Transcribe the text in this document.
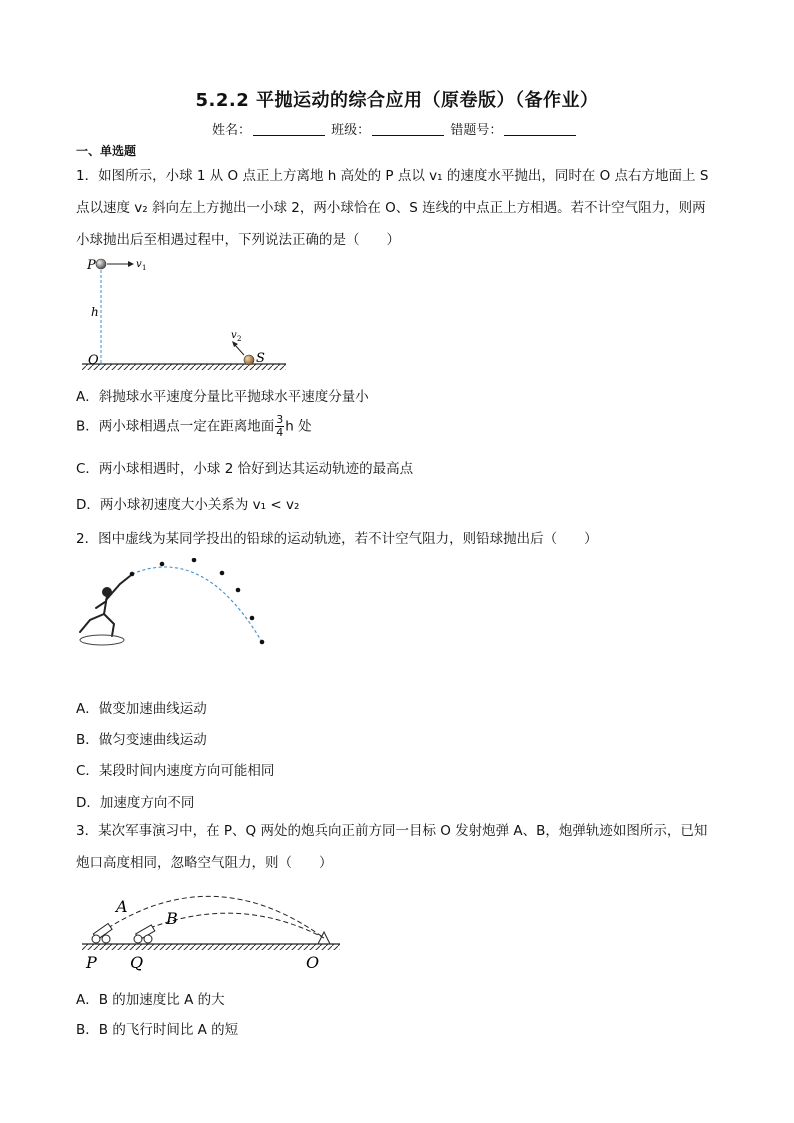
5.2.2 平抛运动的综合应用（原卷版）（备作业）
姓名：	班级：	错题号：
一、单选题

1．如图所示，小球 1 从 O 点正上方离地 h 高处的 P 点以 v₁ 的速度水平抛出，同时在 O 点右方地面上 S 点以速度 v₂ 斜向左上方抛出一小球 2，两小球恰在 O、S 连线的中点正上方相遇。若不计空气阻力，则两小球抛出后至相遇过程中，下列说法正确的是（　　）

P	v 1
h
O
v 2
S
A．斜抛球水平速度分量比平抛球水平速度分量小
B．两小球相遇点一定在距离地面 $\frac{3}{4}$ h 处
C．两小球相遇时，小球 2 恰好到达其运动轨迹的最高点
D．两小球初速度大小关系为 v₁ < v₂

2．图中虚线为某同学投出的铅球的运动轨迹，若不计空气阻力，则铅球抛出后（　　）

A．做变加速曲线运动
B．做匀变速曲线运动
C．某段时间内速度方向可能相同
D．加速度方向不同

3．某次军事演习中，在 P、Q 两处的炮兵向正前方同一目标 O 发射炮弹 A、B，炮弹轨迹如图所示，已知炮口高度相同，忽略空气阻力，则（　　）

A
B
P Q	O
A．B 的加速度比 A 的大
B．B 的飞行时间比 A 的短
